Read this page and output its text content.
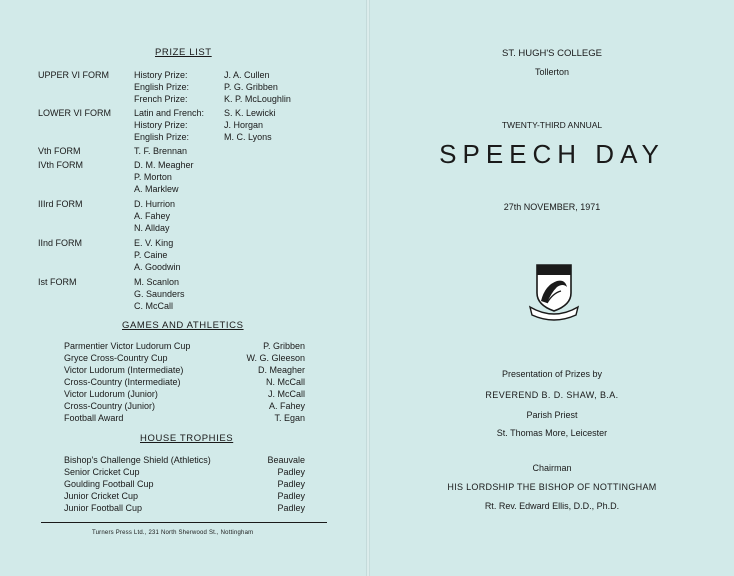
PRIZE LIST
UPPER VI FORM	History Prize:	J. A. Cullen
English Prize:	P. G. Gribben
French Prize:	K. P. McLoughlin
LOWER VI FORM	Latin and French: S. K. Lewicki
History Prize:	J. Horgan
English Prize:	M. C. Lyons
Vth FORM	T. F. Brennan
IVth FORM	D. M. Meagher
P. Morton
A. Marklew
IIIrd FORM	D. Hurrion
A. Fahey
N. Allday
IInd FORM	E. V. King
P. Caine
A. Goodwin
Ist FORM	M. Scanlon
G. Saunders
C. McCall
GAMES AND ATHLETICS
Parmentier Victor Ludorum Cup	P. Gribben
Gryce Cross-Country Cup	W. G. Gleeson
Victor Ludorum (Intermediate)	D. Meagher
Cross-Country (Intermediate)	N. McCall
Victor Ludorum (Junior)	J. McCall
Cross-Country (Junior)	A. Fahey
Football Award	T. Egan
HOUSE TROPHIES
Bishop's Challenge Shield (Athletics)	Beauvale
Senior Cricket Cup	Padley
Goulding Football Cup	Padley
Junior Cricket Cup	Padley
Junior Football Cup	Padley
Turners Press Ltd., 231 North Sherwood St., Nottingham
ST. HUGH'S COLLEGE
Tollerton
TWENTY-THIRD ANNUAL
SPEECH DAY
27th NOVEMBER, 1971
Presentation of Prizes by
REVEREND B. D. SHAW, B.A.
Parish Priest
St. Thomas More, Leicester
Chairman
HIS LORDSHIP THE BISHOP OF NOTTINGHAM
Rt. Rev. Edward Ellis, D.D., Ph.D.
